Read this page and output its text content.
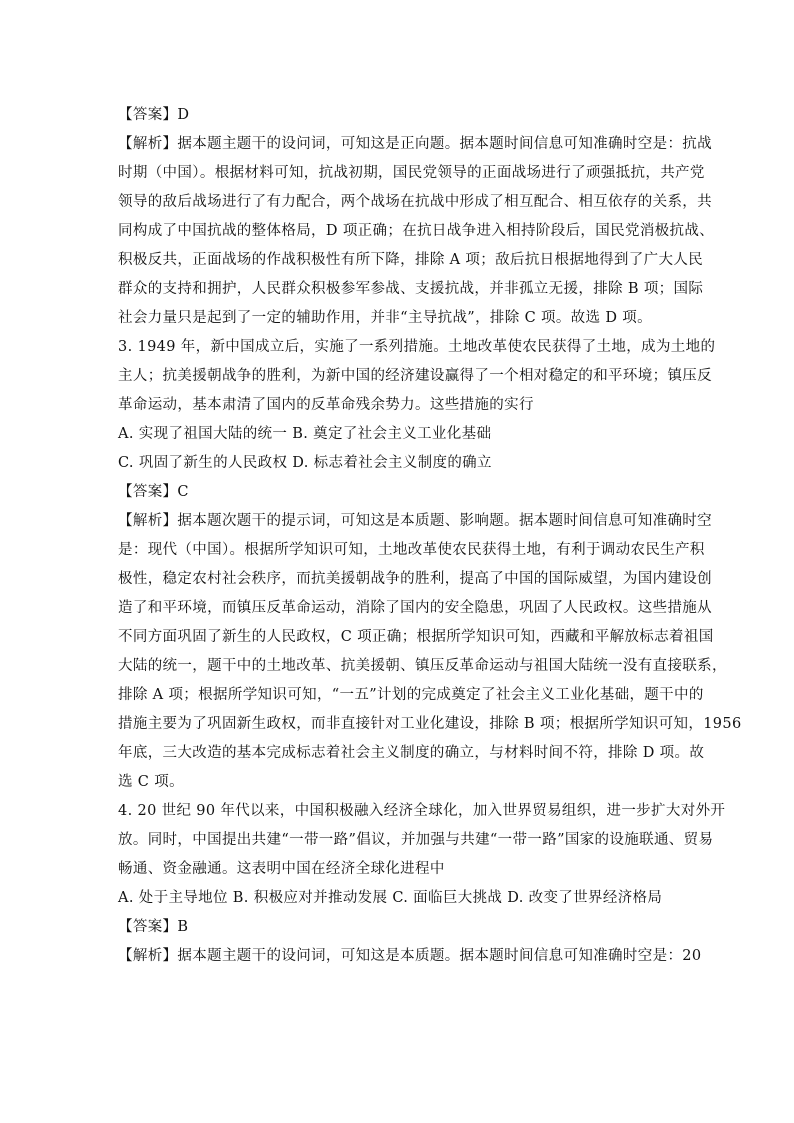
【答案】D
【解析】据本题主题干的设问词，可知这是正向题。据本题时间信息可知准确时空是：抗战
时期（中国）。根据材料可知，抗战初期，国民党领导的正面战场进行了顽强抵抗，共产党
领导的敌后战场进行了有力配合，两个战场在抗战中形成了相互配合、相互依存的关系，共
同构成了中国抗战的整体格局，D 项正确；在抗日战争进入相持阶段后，国民党消极抗战、
积极反共，正面战场的作战积极性有所下降，排除 A 项；敌后抗日根据地得到了广大人民
群众的支持和拥护，人民群众积极参军参战、支援抗战，并非孤立无援，排除 B 项；国际
社会力量只是起到了一定的辅助作用，并非“主导抗战”，排除 C 项。故选 D 项。
3. 1949 年，新中国成立后，实施了一系列措施。土地改革使农民获得了土地，成为土地的
主人；抗美援朝战争的胜利，为新中国的经济建设赢得了一个相对稳定的和平环境；镇压反
革命运动，基本肃清了国内的反革命残余势力。这些措施的实行
A. 实现了祖国大陆的统一 B. 奠定了社会主义工业化基础
C. 巩固了新生的人民政权 D. 标志着社会主义制度的确立
【答案】C
【解析】据本题次题干的提示词，可知这是本质题、影响题。据本题时间信息可知准确时空
是：现代（中国）。根据所学知识可知，土地改革使农民获得土地，有利于调动农民生产积
极性，稳定农村社会秩序，而抗美援朝战争的胜利，提高了中国的国际威望，为国内建设创
造了和平环境，而镇压反革命运动，消除了国内的安全隐患，巩固了人民政权。这些措施从
不同方面巩固了新生的人民政权，C 项正确；根据所学知识可知，西藏和平解放标志着祖国
大陆的统一，题干中的土地改革、抗美援朝、镇压反革命运动与祖国大陆统一没有直接联系，
排除 A 项；根据所学知识可知，“一五”计划的完成奠定了社会主义工业化基础，题干中的
措施主要为了巩固新生政权，而非直接针对工业化建设，排除 B 项；根据所学知识可知，1956
年底，三大改造的基本完成标志着社会主义制度的确立，与材料时间不符，排除 D 项。故
选 C 项。
4. 20 世纪 90 年代以来，中国积极融入经济全球化，加入世界贸易组织，进一步扩大对外开
放。同时，中国提出共建“一带一路”倡议，并加强与共建“一带一路”国家的设施联通、贸易
畅通、资金融通。这表明中国在经济全球化进程中
A. 处于主导地位 B. 积极应对并推动发展 C. 面临巨大挑战 D. 改变了世界经济格局
【答案】B
【解析】据本题主题干的设问词，可知这是本质题。据本题时间信息可知准确时空是：20
